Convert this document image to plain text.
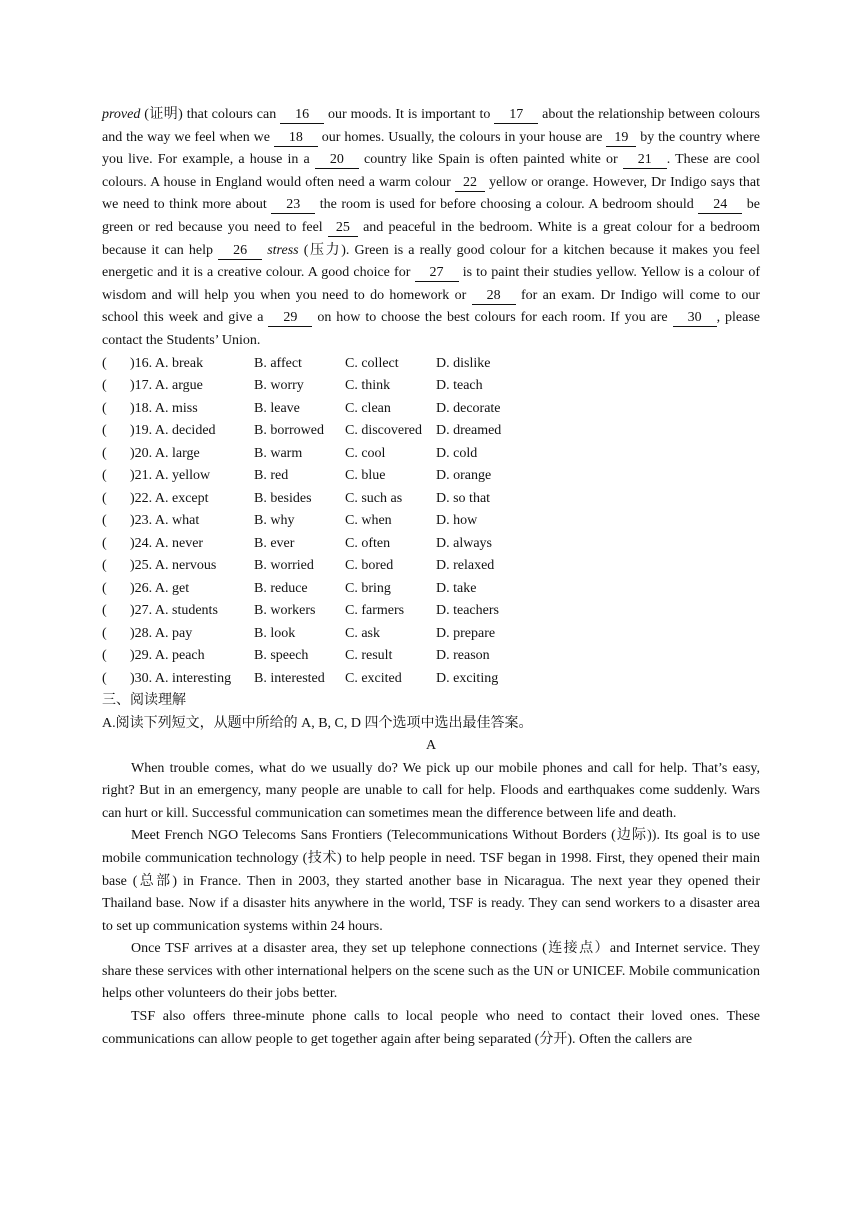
proved (证明) that colours can 16 our moods. It is important to 17 about the relationship between colours and the way we feel when we 18 our homes. Usually, the colours in your house are 19 by the country where you live. For example, a house in a 20 country like Spain is often painted white or 21 . These are cool colours. A house in England would often need a warm colour 22 yellow or orange. However, Dr Indigo says that we need to think more about 23 the room is used for before choosing a colour. A bedroom should 24 be green or red because you need to feel 25 and peaceful in the bedroom. White is a great colour for a bedroom because it can help 26 stress (压力). Green is a really good colour for a kitchen because it makes you feel energetic and it is a creative colour. A good choice for 27 is to paint their studies yellow. Yellow is a colour of wisdom and will help you when you need to do homework or 28 for an exam. Dr Indigo will come to our school this week and give a 29 on how to choose the best colours for each room. If you are 30 , please contact the Students’ Union.

(	)16. A. break	B. affect	C. collect	D. dislike
(	)17. A. argue	B. worry	C. think	D. teach
(	)18. A. miss	B. leave	C. clean	D. decorate
(	)19. A. decided	B. borrowed	C. discovered	D. dreamed
(	)20. A. large	B. warm	C. cool	D. cold
(	)21. A. yellow	B. red	C. blue	D. orange
(	)22. A. except	B. besides	C. such as	D. so that
(	)23. A. what	B. why	C. when	D. how
(	)24. A. never	B. ever	C. often	D. always
(	)25. A. nervous	B. worried	C. bored	D. relaxed
(	)26. A. get	B. reduce	C. bring	D. take
(	)27. A. students	B. workers	C. farmers	D. teachers
(	)28. A. pay	B. look	C. ask	D. prepare
(	)29. A. peach	B. speech	C. result	D. reason
(	)30. A. interesting	B. interested	C. excited	D. exciting
三、阅读理解
A.阅读下列短文，从题中所给的 A, B, C, D 四个选项中选出最佳答案。
A

When trouble comes, what do we usually do? We pick up our mobile phones and call for help. That’s easy, right? But in an emergency, many people are unable to call for help. Floods and earthquakes come suddenly. Wars can hurt or kill. Successful communication can sometimes mean the difference between life and death.

Meet French NGO Telecoms Sans Frontiers (Telecommunications Without Borders (边际)). Its goal is to use mobile communication technology (技术) to help people in need. TSF began in 1998. First, they opened their main base (总部) in France. Then in 2003, they started another base in Nicaragua. The next year they opened their Thailand base. Now if a disaster hits anywhere in the world, TSF is ready. They can send workers to a disaster area to set up communication systems within 24 hours.

Once TSF arrives at a disaster area, they set up telephone connections (连接点）and Internet service. They share these services with other international helpers on the scene such as the UN or UNICEF. Mobile communication helps other volunteers do their jobs better.

TSF also offers three-minute phone calls to local people who need to contact their loved ones. These communications can allow people to get together again after being separated (分开). Often the callers are
